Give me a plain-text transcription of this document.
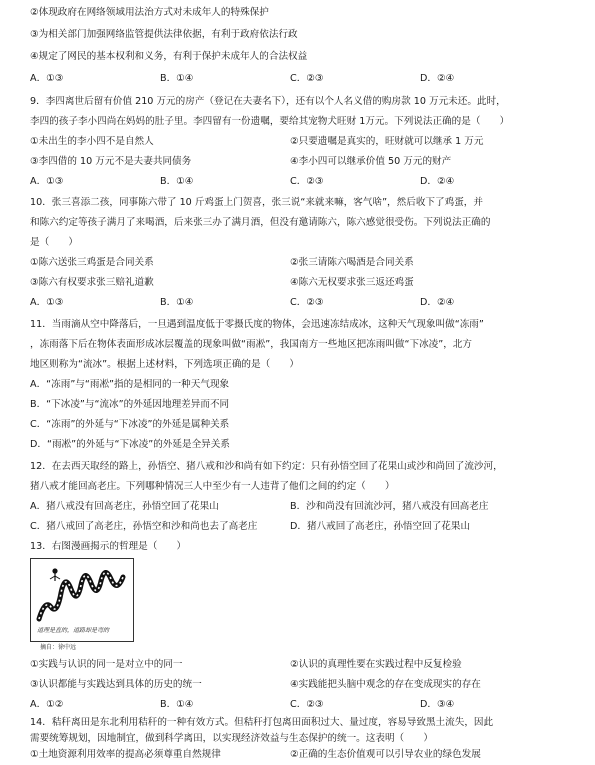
②体现政府在网络领域用法治方式对未成年人的特殊保护
③为相关部门加强网络监管提供法律依据，有利于政府依法行政
④规定了网民的基本权利和义务，有利于保护未成年人的合法权益
A．①③	B．①④	C．②③	D．②④
9．李四离世后留有价值 210 万元的房产（登记在夫妻名下），还有以个人名义借的购房款 10 万元未还。此时，
李四的孩子李小四尚在妈妈的肚子里。李四留有一份遗嘱，要给其宠物犬旺财 1万元。下列说法正确的是（　　）
①未出生的李小四不是自然人	②只要遗嘱是真实的，旺财就可以继承 1 万元
③李四借的 10 万元不是夫妻共同债务	④李小四可以继承价值 50 万元的财产
A．①③	B．①④	C．②③	D．②④
10．张三喜添二孩，同事陈六带了 10 斤鸡蛋上门贺喜，张三说“来就来嘛，客气啥”，然后收下了鸡蛋，并
和陈六约定等孩子满月了来喝酒，后来张三办了满月酒，但没有邀请陈六，陈六感觉很受伤。下列说法正确的
是（　　）
①陈六送张三鸡蛋是合同关系	②张三请陈六喝酒是合同关系
③陈六有权要求张三赔礼道歉	④陈六无权要求张三返还鸡蛋
A．①③	B．①④	C．②③	D．②④
11．当雨滴从空中降落后，一旦遇到温度低于零摄氏度的物体，会迅速冻结成冰，这种天气现象叫做“冻雨”
，冻雨落下后在物体表面形成冰层覆盖的现象叫做“雨凇”，我国南方一些地区把冻雨叫做“下冰凌”，北方
地区则称为“流冰”。根据上述材料，下列选项正确的是（　　）
A．“冻雨”与“雨凇”指的是相同的一种天气现象
B．“下冰凌”与“流冰”的外延因地理差异而不同
C．“冻雨”的外延与“下冰凌”的外延是属种关系
D．“雨凇”的外延与“下冰凌”的外延是全异关系
12．在去西天取经的路上，孙悟空、猪八戒和沙和尚有如下约定：只有孙悟空回了花果山或沙和尚回了流沙河，
猪八戒才能回高老庄。下列哪种情况三人中至少有一人违背了他们之间的约定（　　）
A．猪八戒没有回高老庄，孙悟空回了花果山	B．沙和尚没有回流沙河，猪八戒没有回高老庄
C．猪八戒回了高老庄，孙悟空和沙和尚也去了高老庄	D．猪八戒回了高老庄，孙悟空回了花果山
13．右图漫画揭示的哲理是（　　）
道理是直的，道路却是弯的
摘自：徐中远
①实践与认识的同一是对立中的同一	②认识的真理性要在实践过程中反复检验
③认识都能与实践达到具体的历史的统一	④实践能把头脑中观念的存在变成现实的存在
A．①②	B．①④	C．②③	D．③④
14．秸秆离田是东北利用秸秆的一种有效方式。但秸秆打包离田面积过大、量过度，容易导致黑土流失，因此
需要统筹规划，因地制宜，做到科学离田，以实现经济效益与生态保护的统一。这表明（　　）
①土地资源利用效率的提高必须尊重自然规律	②正确的生态价值观可以引导农业的绿色发展
